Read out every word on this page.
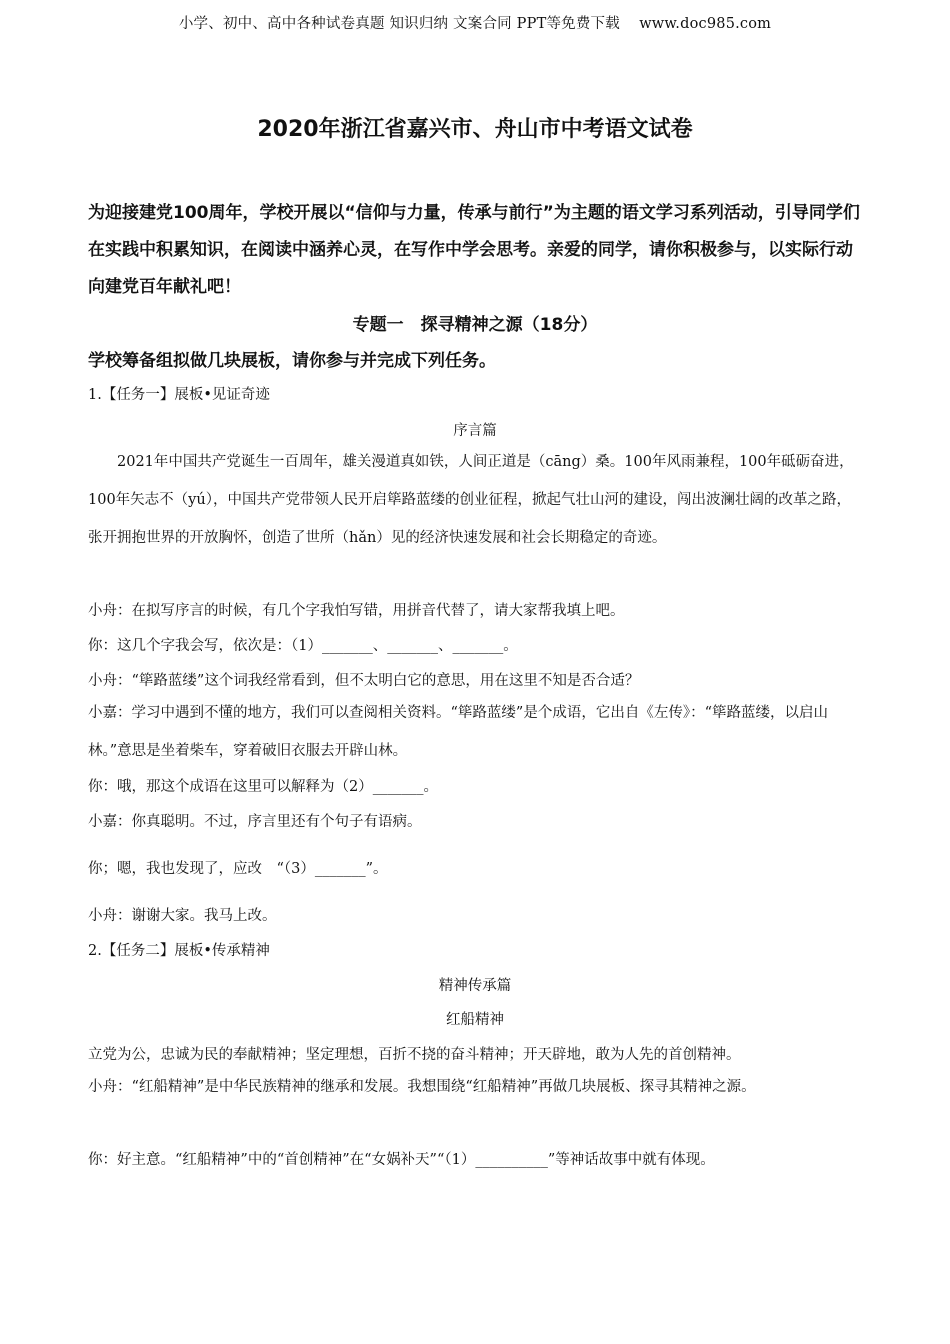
小学、初中、高中各种试卷真题 知识归纳 文案合同 PPT等免费下载    www.doc985.com
2020年浙江省嘉兴市、舟山市中考语文试卷
为迎接建党100周年，学校开展以“信仰与力量，传承与前行”为主题的语文学习系列活动，引导同学们在实践中积累知识，在阅读中涵养心灵，在写作中学会思考。亲爱的同学，请你积极参与，以实际行动向建党百年献礼吧！
专题一　探寻精神之源（18分）
学校筹备组拟做几块展板，请你参与并完成下列任务。
1.【任务一】展板•见证奇迹
序言篇
2021年中国共产党诞生一百周年，雄关漫道真如铁，人间正道是（cāng）桑。100年风雨兼程，100年砥砺奋进，100年矢志不（yú），中国共产党带领人民开启筚路蓝缕的创业征程，掀起气壮山河的建设，闯出波澜壮阔的改革之路，张开拥抱世界的开放胸怀，创造了世所（hǎn）见的经济快速发展和社会长期稳定的奇迹。
小舟：在拟写序言的时候，有几个字我怕写错，用拼音代替了，请大家帮我填上吧。
你：这几个字我会写，依次是：（1）_______、_______、_______。
小舟：“筚路蓝缕”这个词我经常看到，但不太明白它的意思，用在这里不知是否合适？
小嘉：学习中遇到不懂的地方，我们可以查阅相关资料。“筚路蓝缕”是个成语，它出自《左传》：“筚路蓝缕，以启山林。”意思是坐着柴车，穿着破旧衣服去开辟山林。
你：哦，那这个成语在这里可以解释为（2）_______。
小嘉：你真聪明。不过，序言里还有个句子有语病。
你；嗯，我也发现了，应改　“（3）_______”。
小舟：谢谢大家。我马上改。
2.【任务二】展板•传承精神
精神传承篇
红船精神
立党为公，忠诚为民的奉献精神；坚定理想，百折不挠的奋斗精神；开天辟地，敢为人先的首创精神。
小舟：“红船精神”是中华民族精神的继承和发展。我想围绕“红船精神”再做几块展板、探寻其精神之源。
你：好主意。“红船精神”中的“首创精神”在“女娲补天”“（1）__________”等神话故事中就有体现。
